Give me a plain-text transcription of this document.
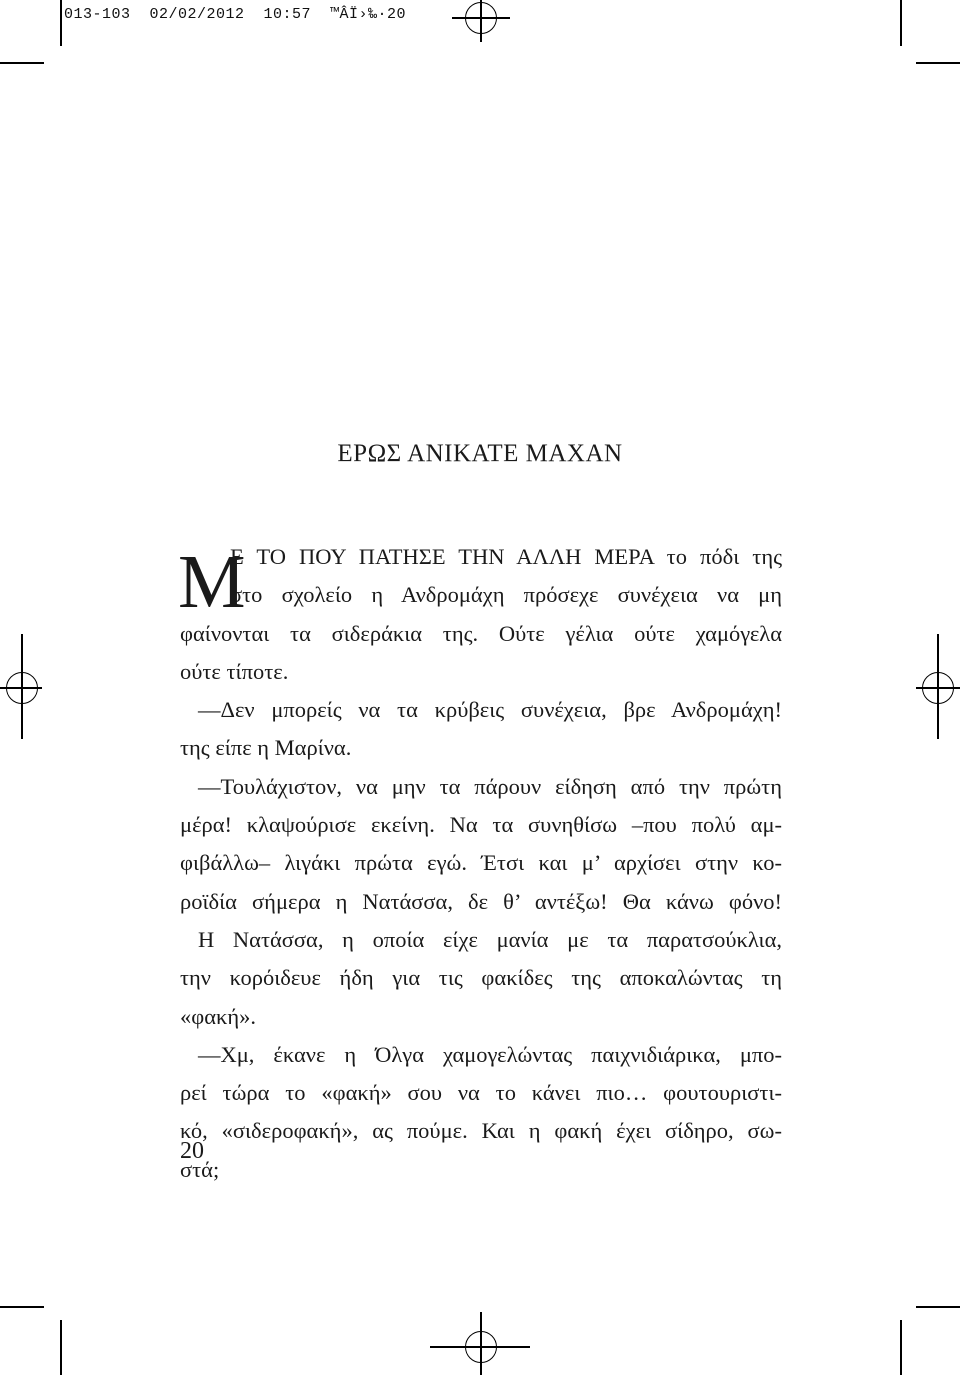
013-103  02/02/2012  10:57  ™ÂÏ›‰·20
ΕΡΩΣ ΑΝΙΚΑΤΕ ΜΑΧΑΝ
Μ
Ε ΤΟ ΠΟΥ ΠΑΤΗΣΕ ΤΗΝ ΑΛΛΗ ΜΕΡΑ το πόδι της
στο σχολείο η Ανδρομάχη πρόσεχε συνέχεια να μη
φαίνονται τα σιδεράκια της. Ούτε γέλια ούτε χαμόγελα
ούτε τίποτε.
—Δεν μπορείς να τα κρύβεις συνέχεια, βρε Ανδρομάχη!
της είπε η Μαρίνα.
—Τουλάχιστον, να μην τα πάρουν είδηση από την πρώτη
μέρα! κλαψούρισε εκείνη. Να τα συνηθίσω –που πολύ αμ-
φιβάλλω– λιγάκι πρώτα εγώ. Έτσι και μ’ αρχίσει στην κο-
ροϊδία σήμερα η Νατάσσα, δε θ’ αντέξω! Θα κάνω φόνο!
Η Νατάσσα, η οποία είχε μανία με τα παρατσούκλια,
την κορόιδευε ήδη για τις φακίδες της αποκαλώντας τη
«φακή».
—Χμ, έκανε η Όλγα χαμογελώντας παιχνιδιάρικα, μπο-
ρεί τώρα το «φακή» σου να το κάνει πιο… φουτουριστι-
κό, «σιδεροφακή», ας πούμε. Και η φακή έχει σίδηρο, σω-
στά;
20
